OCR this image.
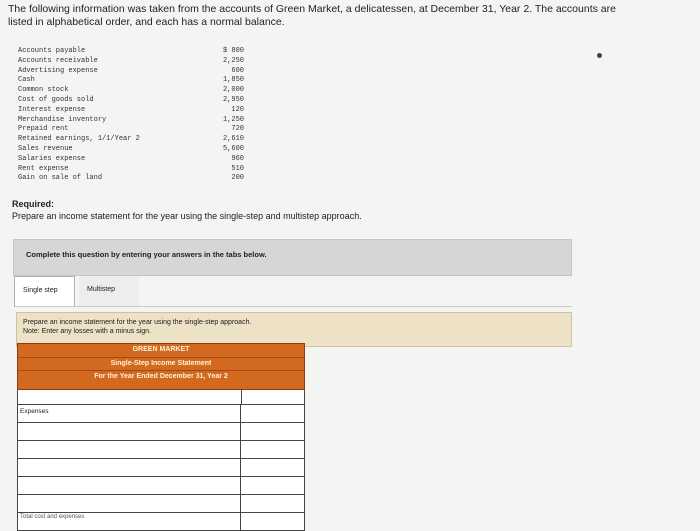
The following information was taken from the accounts of Green Market, a delicatessen, at December 31, Year 2. The accounts are listed in alphabetical order, and each has a normal balance.
Accounts payable	$ 800
Accounts receivable	2,250
Advertising expense	600
Cash	1,850
Common stock	2,000
Cost of goods sold	2,950
Interest expense	120
Merchandise inventory	1,250
Prepaid rent	720
Retained earnings, 1/1/Year 2	2,610
Sales revenue	5,600
Salaries expense	960
Rent expense	510
Gain on sale of land	200
Required:
Prepare an income statement for the year using the single-step and multistep approach.
Complete this question by entering your answers in the tabs below.
Single step	Multistep
Prepare an income statement for the year using the single-step approach.
Note: Enter any losses with a minus sign.
GREEN MARKET
Single-Step Income Statement
For the Year Ended December 31, Year 2
Expenses
Total cost and expenses
